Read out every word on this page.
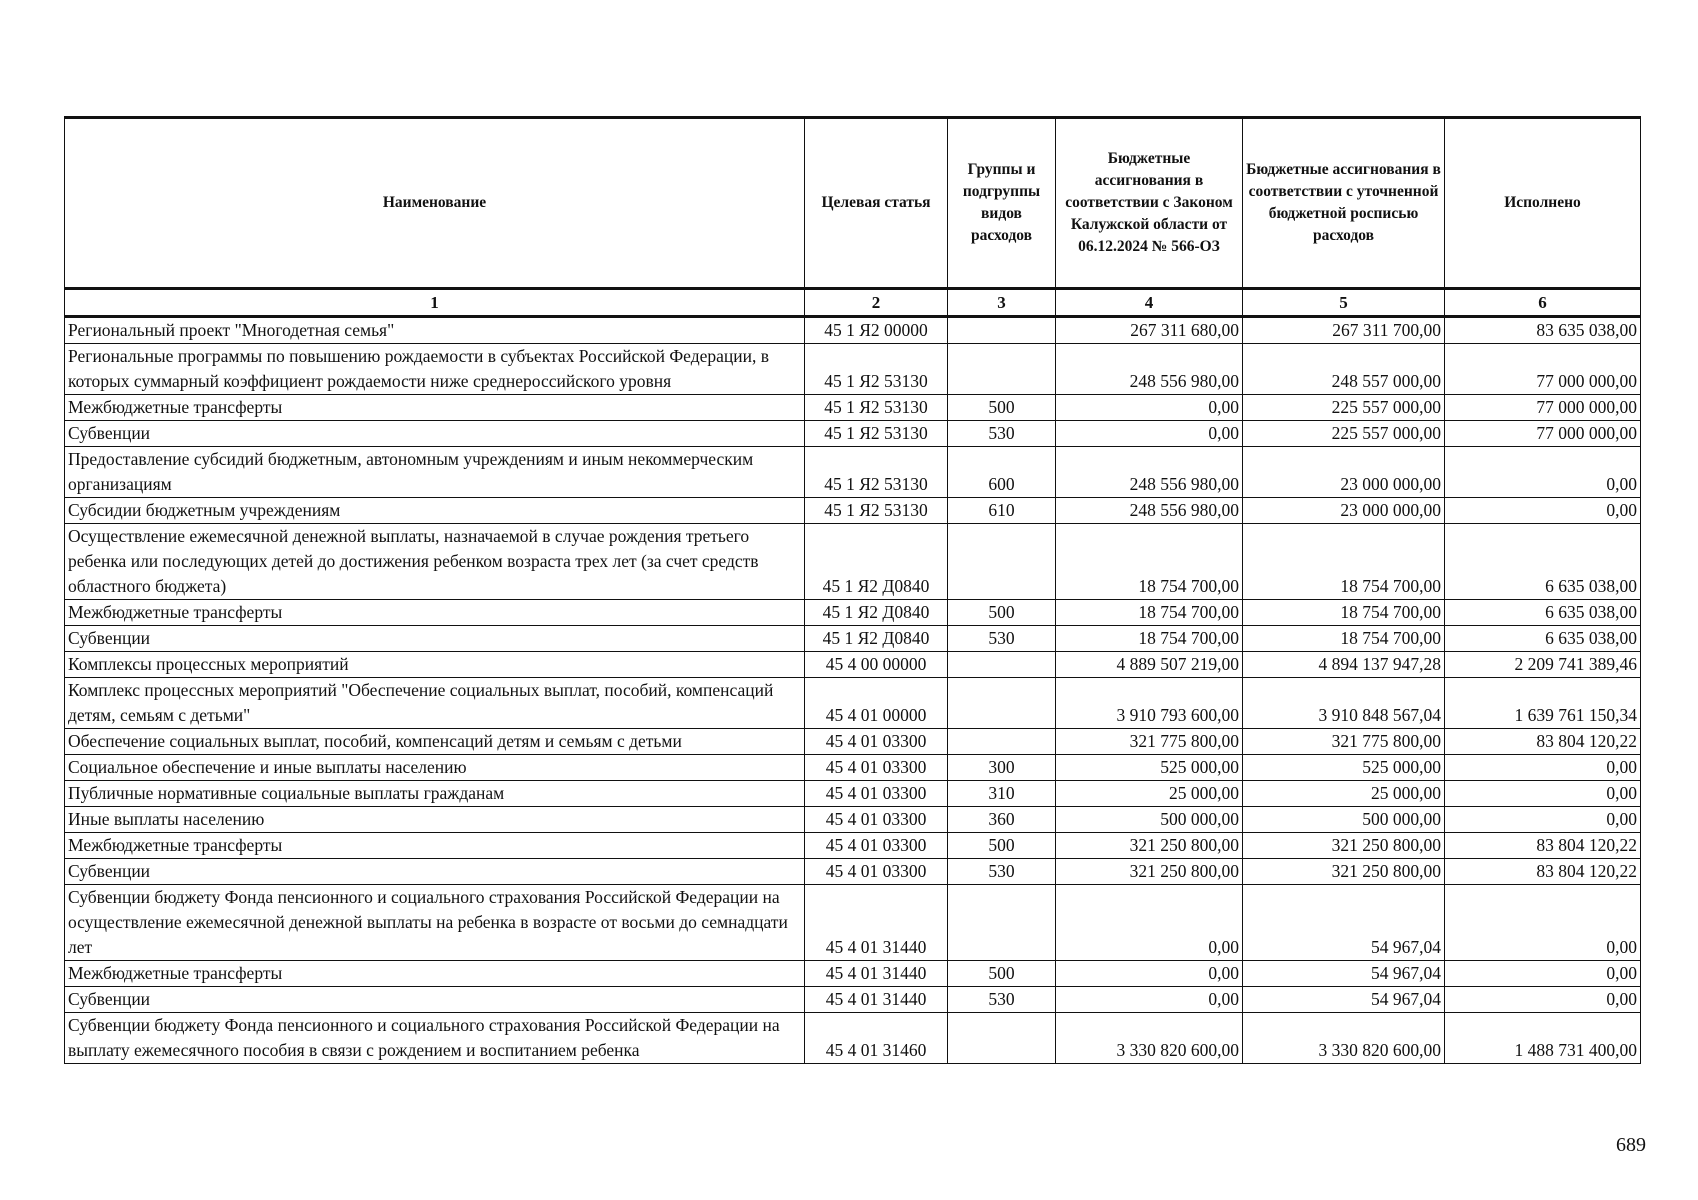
Наименование	Целевая статья	Группы и подгруппы видов расходов	Бюджетные ассигнования в соответствии с Законом Калужской области от 06.12.2024 № 566-ОЗ	Бюджетные ассигнования в соответствии с уточненной бюджетной росписью расходов	Исполнено
1	2	3	4	5	6
Региональный проект "Многодетная семья"	45 1 Я2 00000		267 311 680,00	267 311 700,00	83 635 038,00
Региональные программы по повышению рождаемости в субъектах Российской Федерации, в которых суммарный коэффициент рождаемости ниже среднероссийского уровня	45 1 Я2 53130		248 556 980,00	248 557 000,00	77 000 000,00
Межбюджетные трансферты	45 1 Я2 53130	500	0,00	225 557 000,00	77 000 000,00
Субвенции	45 1 Я2 53130	530	0,00	225 557 000,00	77 000 000,00
Предоставление субсидий бюджетным, автономным учреждениям и иным некоммерческим организациям	45 1 Я2 53130	600	248 556 980,00	23 000 000,00	0,00
Субсидии бюджетным учреждениям	45 1 Я2 53130	610	248 556 980,00	23 000 000,00	0,00
Осуществление ежемесячной денежной выплаты, назначаемой в случае рождения третьего ребенка или последующих детей до достижения ребенком возраста трех лет (за счет средств областного бюджета)	45 1 Я2 Д0840		18 754 700,00	18 754 700,00	6 635 038,00
Межбюджетные трансферты	45 1 Я2 Д0840	500	18 754 700,00	18 754 700,00	6 635 038,00
Субвенции	45 1 Я2 Д0840	530	18 754 700,00	18 754 700,00	6 635 038,00
Комплексы процессных мероприятий	45 4 00 00000		4 889 507 219,00	4 894 137 947,28	2 209 741 389,46
Комплекс процессных мероприятий "Обеспечение социальных выплат, пособий, компенсаций детям, семьям с детьми"	45 4 01 00000		3 910 793 600,00	3 910 848 567,04	1 639 761 150,34
Обеспечение социальных выплат, пособий, компенсаций детям и семьям с детьми	45 4 01 03300		321 775 800,00	321 775 800,00	83 804 120,22
Социальное обеспечение и иные выплаты населению	45 4 01 03300	300	525 000,00	525 000,00	0,00
Публичные нормативные социальные выплаты гражданам	45 4 01 03300	310	25 000,00	25 000,00	0,00
Иные выплаты населению	45 4 01 03300	360	500 000,00	500 000,00	0,00
Межбюджетные трансферты	45 4 01 03300	500	321 250 800,00	321 250 800,00	83 804 120,22
Субвенции	45 4 01 03300	530	321 250 800,00	321 250 800,00	83 804 120,22
Субвенции бюджету Фонда пенсионного и социального страхования Российской Федерации на осуществление ежемесячной денежной выплаты на ребенка в возрасте от восьми до семнадцати лет	45 4 01 31440		0,00	54 967,04	0,00
Межбюджетные трансферты	45 4 01 31440	500	0,00	54 967,04	0,00
Субвенции	45 4 01 31440	530	0,00	54 967,04	0,00
Субвенции бюджету Фонда пенсионного и социального страхования Российской Федерации на выплату ежемесячного пособия в связи с рождением и воспитанием ребенка	45 4 01 31460		3 330 820 600,00	3 330 820 600,00	1 488 731 400,00
689
